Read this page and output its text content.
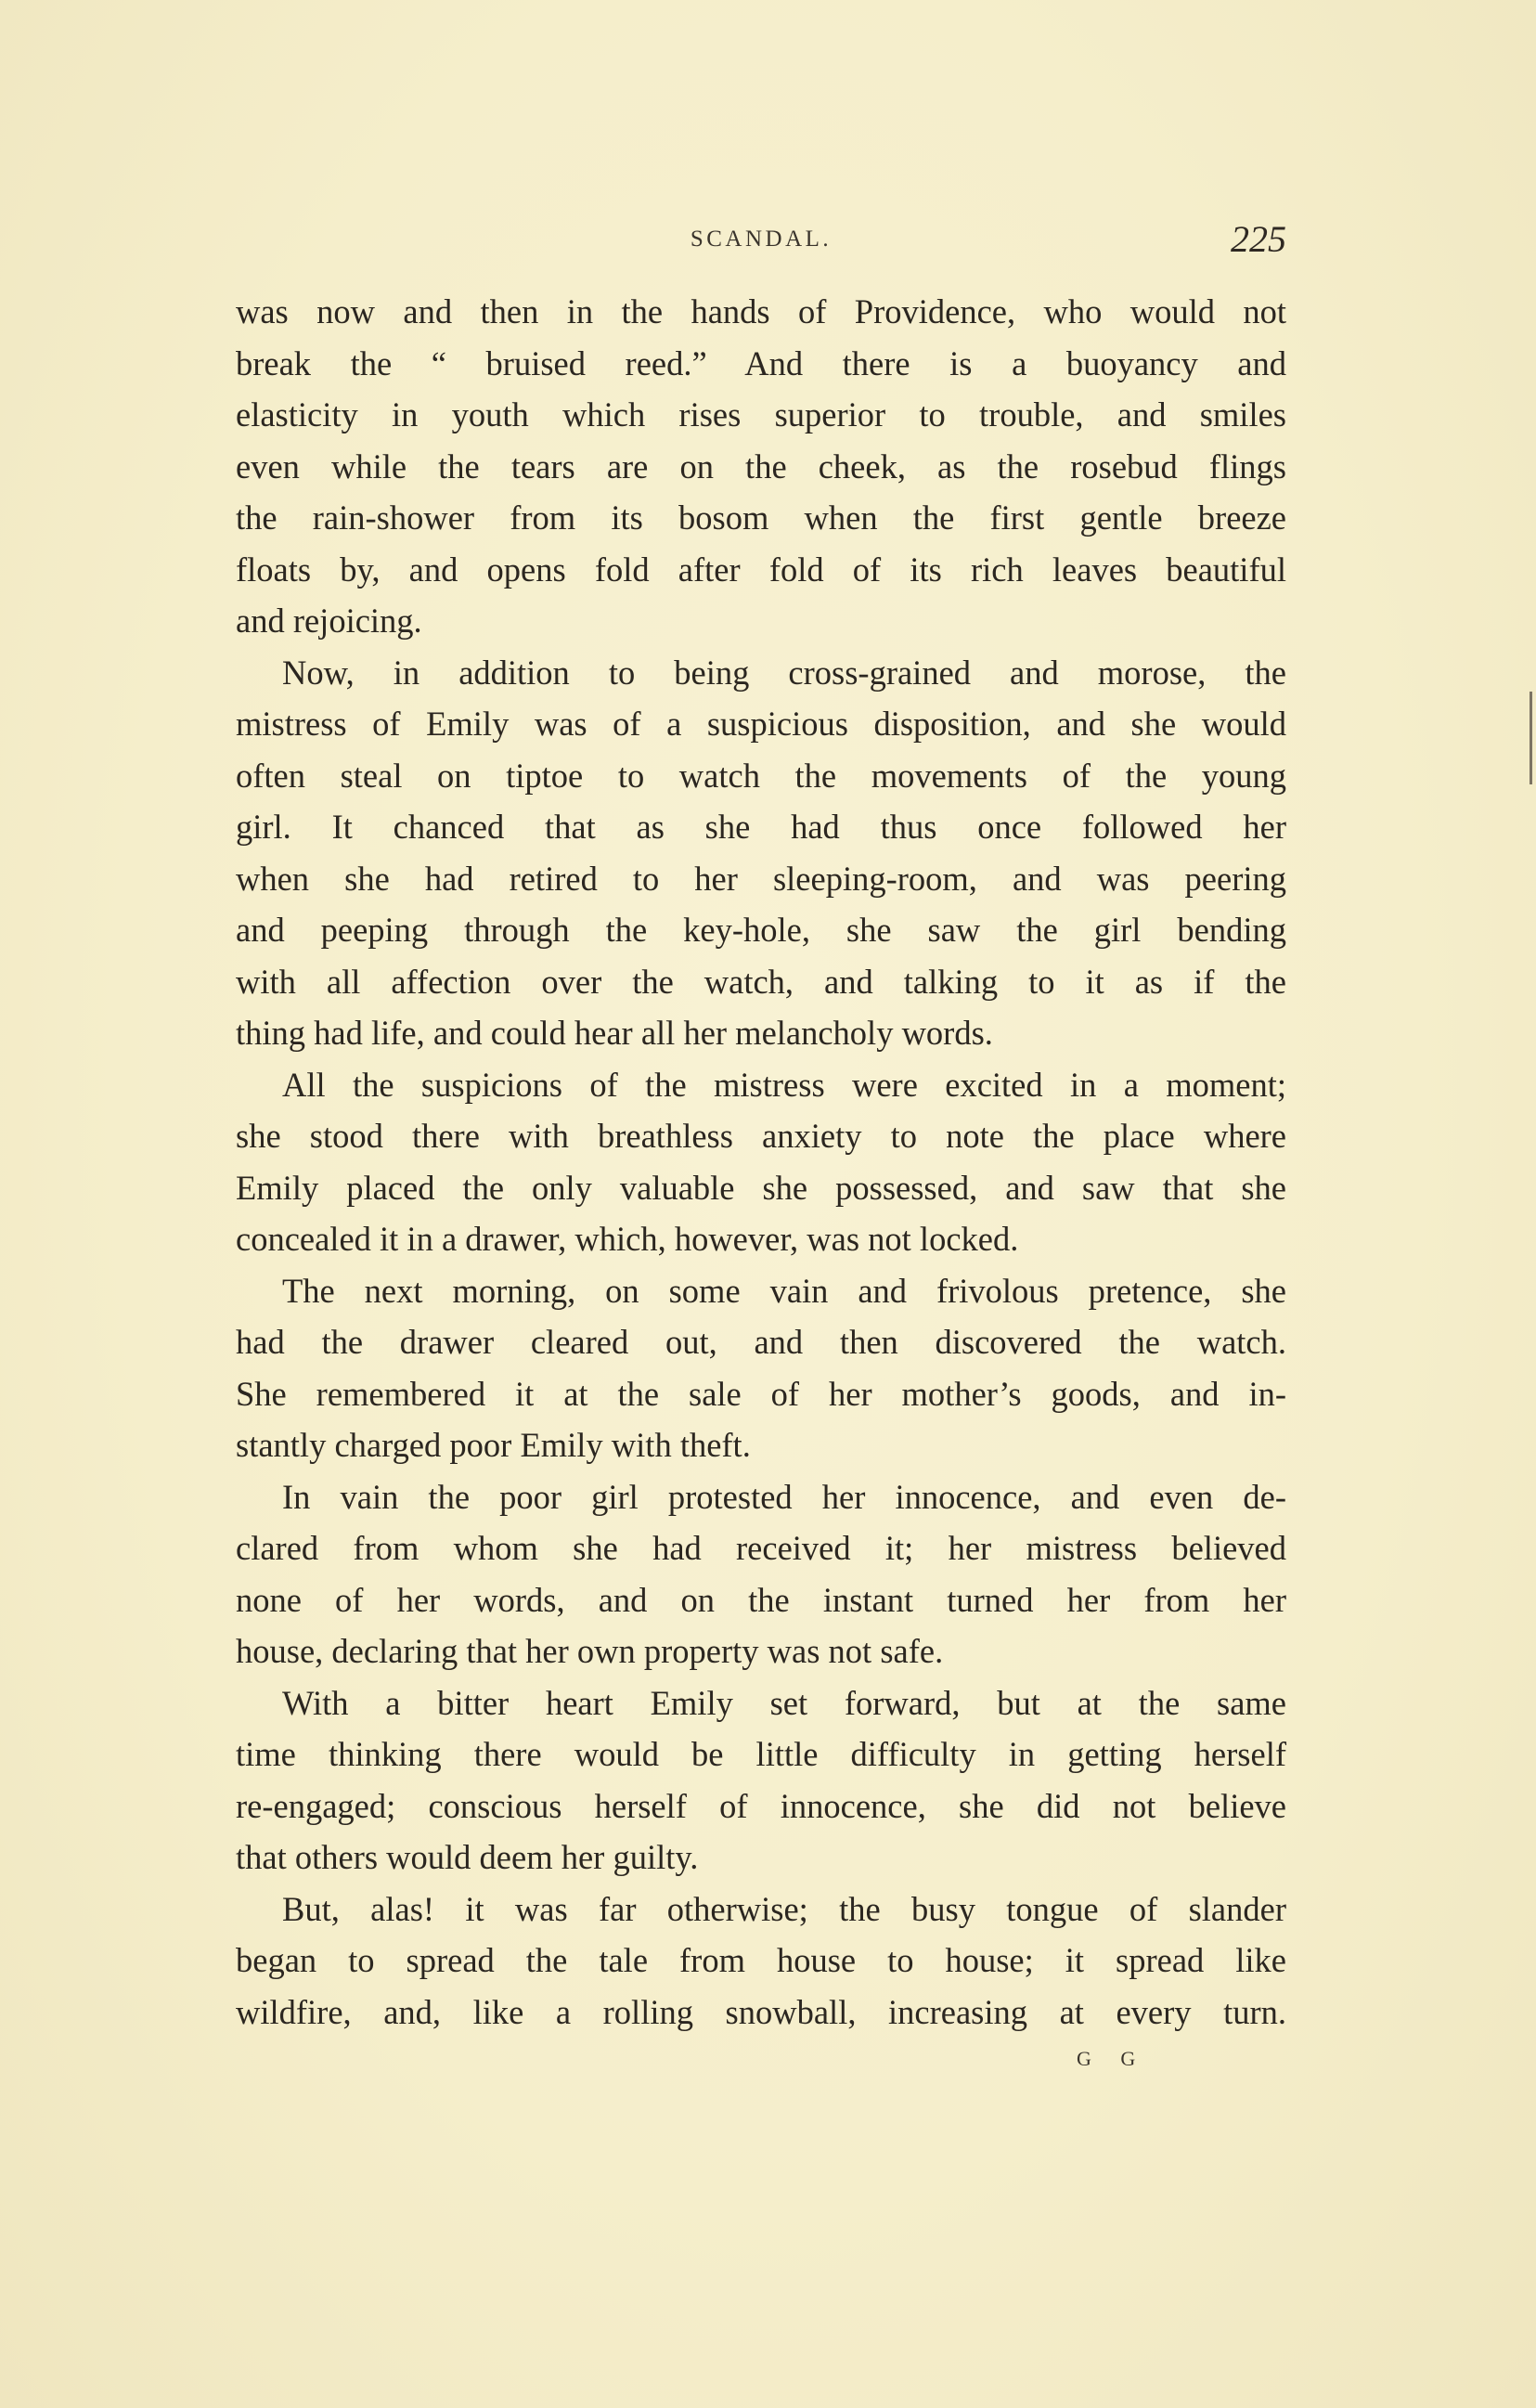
SCANDAL.	225
was now and then in the hands of Providence, who would not
break the “ bruised reed.” And there is a buoyancy and
elasticity in youth which rises superior to trouble, and smiles
even while the tears are on the cheek, as the rosebud flings
the rain-shower from its bosom when the first gentle breeze
floats by, and opens fold after fold of its rich leaves beautiful
and rejoicing.
Now, in addition to being cross-grained and morose, the
mistress of Emily was of a suspicious disposition, and she would
often steal on tiptoe to watch the movements of the young
girl. It chanced that as she had thus once followed her
when she had retired to her sleeping-room, and was peering
and peeping through the key-hole, she saw the girl bending
with all affection over the watch, and talking to it as if the
thing had life, and could hear all her melancholy words.
All the suspicions of the mistress were excited in a moment;
she stood there with breathless anxiety to note the place where
Emily placed the only valuable she possessed, and saw that she
concealed it in a drawer, which, however, was not locked.
The next morning, on some vain and frivolous pretence, she
had the drawer cleared out, and then discovered the watch.
She remembered it at the sale of her mother’s goods, and in-
stantly charged poor Emily with theft.
In vain the poor girl protested her innocence, and even de-
clared from whom she had received it; her mistress believed
none of her words, and on the instant turned her from her
house, declaring that her own property was not safe.
With a bitter heart Emily set forward, but at the same
time thinking there would be little difficulty in getting herself
re-engaged; conscious herself of innocence, she did not believe
that others would deem her guilty.
But, alas! it was far otherwise; the busy tongue of slander
began to spread the tale from house to house; it spread like
wildfire, and, like a rolling snowball, increasing at every turn.
G G
